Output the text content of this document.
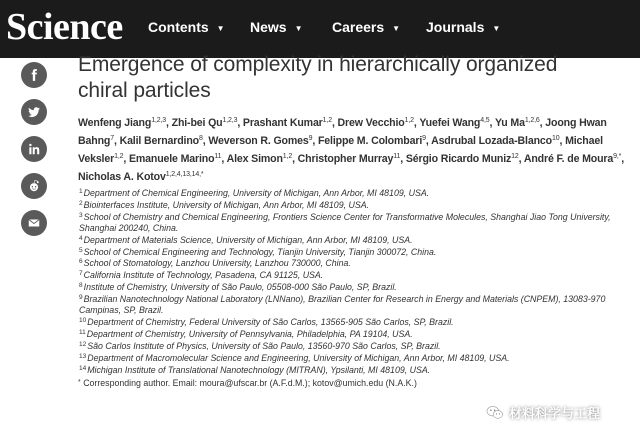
Science Contents ▼ News ▼ Careers ▼ Journals ▼
Emergence of complexity in hierarchically organized
chiral particles
Wenfeng Jiang$^{1,2,3}$, Zhi-bei Qu$^{1,2,3}$, Prashant Kumar$^{1,2}$, Drew Vecchio$^{1,2}$, Yuefei Wang$^{4,5}$, Yu Ma$^{1,2,6}$, Joong Hwan Bahng$^7$, Kalil Bernardino$^8$, Weverson R. Gomes$^9$, Felippe M. Colombari$^9$, Asdrubal Lozada-Blanco$^{10}$, Michael Veksler$^{1,2}$, Emanuele Marino$^{11}$, Alex Simon$^{1,2}$, Christopher Murray$^{11}$, Sérgio Ricardo Muniz$^{12}$, André F. de Moura$^{9,*}$, Nicholas A. Kotov$^{1,2,4,13,14,*}$
$^1$Department of Chemical Engineering, University of Michigan, Ann Arbor, MI 48109, USA.
$^2$Biointerfaces Institute, University of Michigan, Ann Arbor, MI 48109, USA.
$^3$School of Chemistry and Chemical Engineering, Frontiers Science Center for Transformative Molecules, Shanghai Jiao Tong University, Shanghai 200240, China.
$^4$Department of Materials Science, University of Michigan, Ann Arbor, MI 48109, USA.
$^5$School of Chemical Engineering and Technology, Tianjin University, Tianjin 300072, China.
$^6$School of Stomatology, Lanzhou University, Lanzhou 730000, China.
$^7$California Institute of Technology, Pasadena, CA 91125, USA.
$^8$Institute of Chemistry, University of São Paulo, 05508-000 São Paulo, SP, Brazil.
$^9$Brazilian Nanotechnology National Laboratory (LNNano), Brazilian Center for Research in Energy and Materials (CNPEM), 13083-970 Campinas, SP, Brazil.
$^{10}$Department of Chemistry, Federal University of São Carlos, 13565-905 São Carlos, SP, Brazil.
$^{11}$Department of Chemistry, University of Pennsylvania, Philadelphia, PA 19104, USA.
$^{12}$São Carlos Institute of Physics, University of São Paulo, 13560-970 São Carlos, SP, Brazil.
$^{13}$Department of Macromolecular Science and Engineering, University of Michigan, Ann Arbor, MI 48109, USA.
$^{14}$Michigan Institute of Translational Nanotechnology (MITRAN), Ypsilanti, MI 48109, USA.
* Corresponding author. Email: moura@ufscar.br (A.F.d.M.); kotov@umich.edu (N.A.K.)
材料科学与工程
